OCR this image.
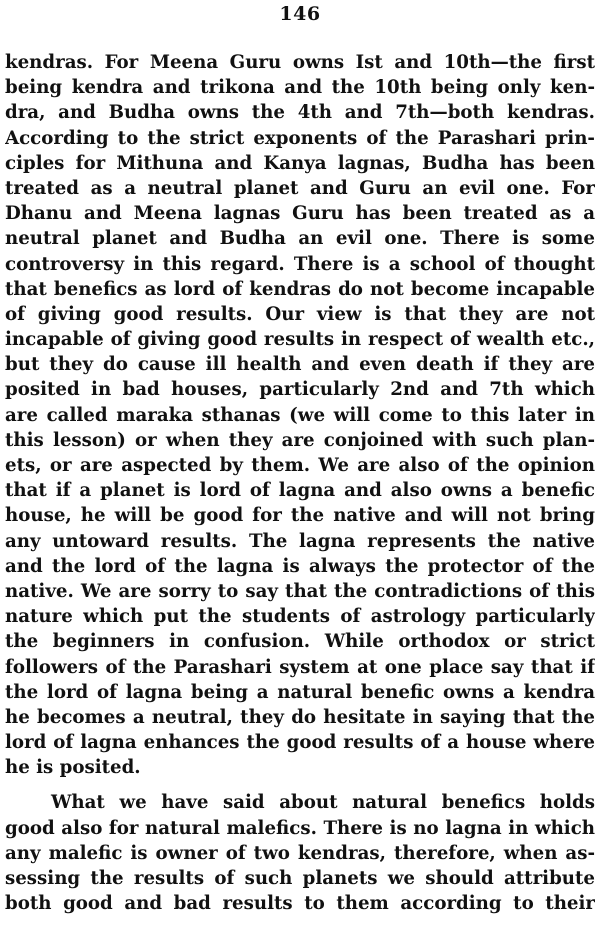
146
kendras. For Meena Guru owns Ist and 10th—the first
being kendra and trikona and the 10th being only ken-
dra, and Budha owns the 4th and 7th—both kendras.
According to the strict exponents of the Parashari prin-
ciples for Mithuna and Kanya lagnas, Budha has been
treated as a neutral planet and Guru an evil one. For
Dhanu and Meena lagnas Guru has been treated as a
neutral planet and Budha an evil one. There is some
controversy in this regard. There is a school of thought
that benefics as lord of kendras do not become incapable
of giving good results. Our view is that they are not
incapable of giving good results in respect of wealth etc.,
but they do cause ill health and even death if they are
posited in bad houses, particularly 2nd and 7th which
are called maraka sthanas (we will come to this later in
this lesson) or when they are conjoined with such plan-
ets, or are aspected by them. We are also of the opinion
that if a planet is lord of lagna and also owns a benefic
house, he will be good for the native and will not bring
any untoward results. The lagna represents the native
and the lord of the lagna is always the protector of the
native. We are sorry to say that the contradictions of this
nature which put the students of astrology particularly
the beginners in confusion. While orthodox or strict
followers of the Parashari system at one place say that if
the lord of lagna being a natural benefic owns a kendra
he becomes a neutral, they do hesitate in saying that the
lord of lagna enhances the good results of a house where
he is posited.
What we have said about natural benefics holds
good also for natural malefics. There is no lagna in which
any malefic is owner of two kendras, therefore, when as-
sessing the results of such planets we should attribute
both good and bad results to them according to their
